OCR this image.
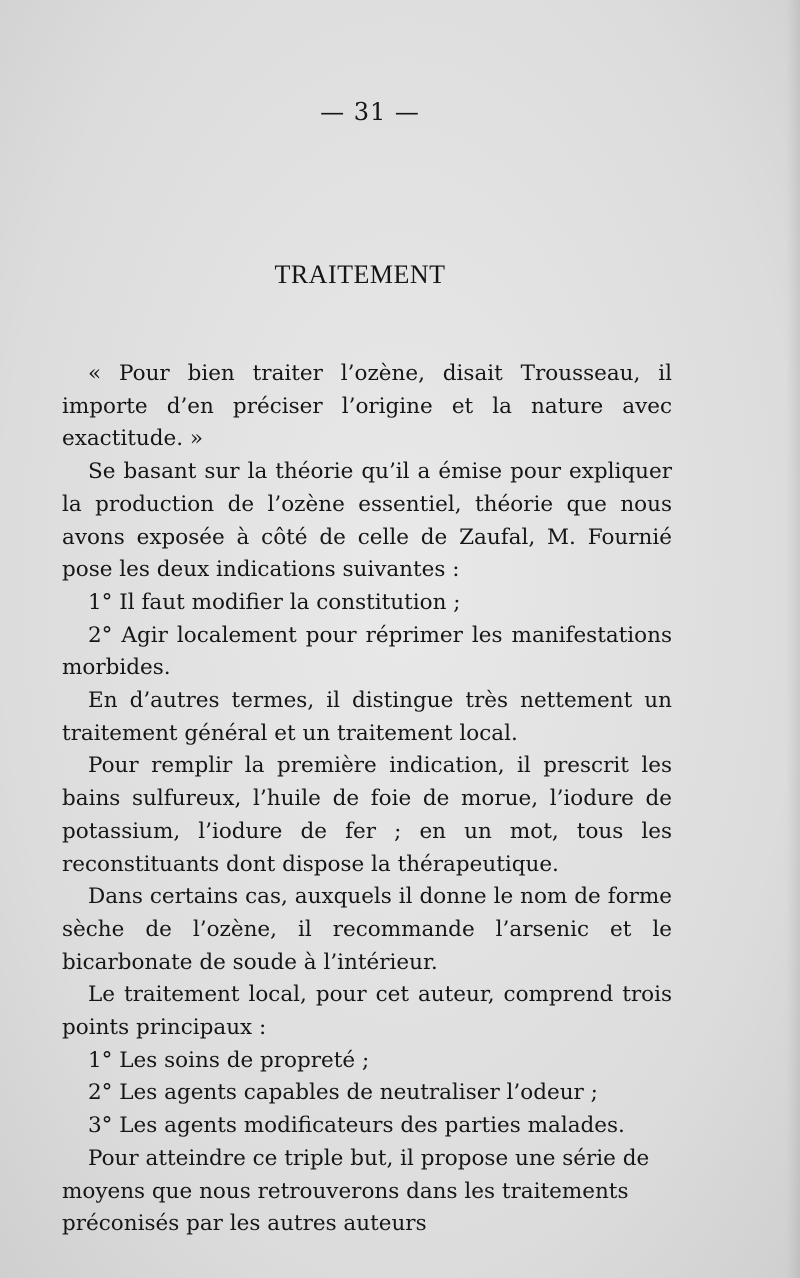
— 31 —
TRAITEMENT

« Pour bien traiter l’ozène, disait Trousseau, il importe d’en préciser l’origine et la nature avec exactitude. »

Se basant sur la théorie qu’il a émise pour expliquer la production de l’ozène essentiel, théorie que nous avons exposée à côté de celle de Zaufal, M. Fournié pose les deux indications suivantes :

1° Il faut modifier la constitution ;

2° Agir localement pour réprimer les manifestations morbides.

En d’autres termes, il distingue très nettement un traitement général et un traitement local.

Pour remplir la première indication, il prescrit les bains sulfureux, l’huile de foie de morue, l’iodure de potassium, l’iodure de fer ; en un mot, tous les reconstituants dont dispose la thérapeutique.

Dans certains cas, auxquels il donne le nom de forme sèche de l’ozène, il recommande l’arsenic et le bicarbonate de soude à l’intérieur.

Le traitement local, pour cet auteur, comprend trois points principaux :

1° Les soins de propreté ;

2° Les agents capables de neutraliser l’odeur ;

3° Les agents modificateurs des parties malades.

Pour atteindre ce triple but, il propose une série de moyens que nous retrouverons dans les traitements préconisés par les autres auteurs
